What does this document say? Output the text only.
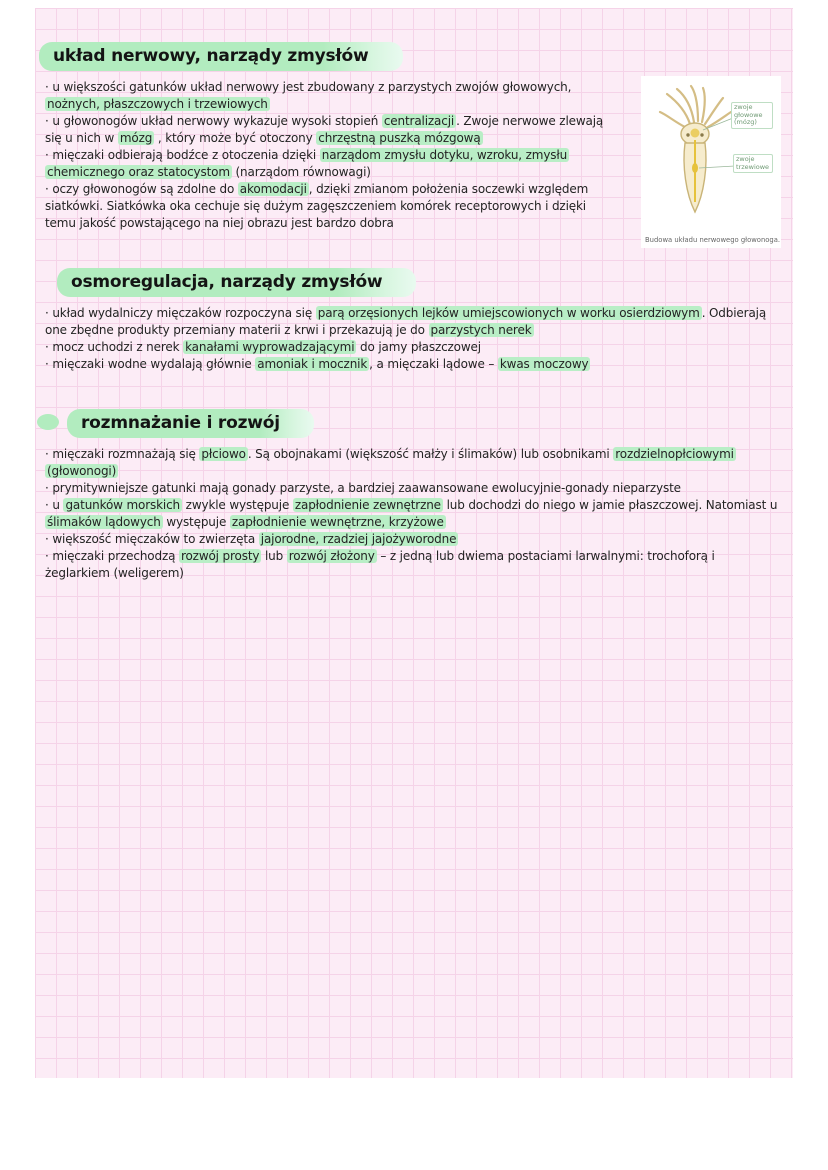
układ nerwowy, narządy zmysłów

· u większości gatunków układ nerwowy jest zbudowany z parzystych zwojów głowowych, nożnych, płaszczowych i trzewiowych

· u głowonogów układ nerwowy wykazuje wysoki stopień centralizacji . Zwoje nerwowe zlewają się u nich w mózg , który może być otoczony chrzęstną puszką mózgową

· mięczaki odbierają bodźce z otoczenia dzięki narządom zmysłu dotyku, wzroku, zmysłu chemicznego oraz statocystom (narządom równowagi)

· oczy głowonogów są zdolne do akomodacji , dzięki zmianom położenia soczewki względem siatkówki. Siatkówka oka cechuje się dużym zagęszczeniem komórek receptorowych i dzięki temu jakość powstającego na niej obrazu jest bardzo dobra

osmoregulacja, narządy zmysłów

· układ wydalniczy mięczaków rozpoczyna się parą orzęsionych lejków umiejscowionych w worku osierdziowym . Odbierają one zbędne produkty przemiany materii z krwi i przekazują je do parzystych nerek

· mocz uchodzi z nerek kanałami wyprowadzającymi do jamy płaszczowej

· mięczaki wodne wydalają głównie amoniak i mocznik , a mięczaki lądowe – kwas moczowy

rozmnażanie i rozwój

· mięczaki rozmnażają się płciowo . Są obojnakami (większość małży i ślimaków) lub osobnikami rozdzielnopłciowymi (głowonogi)

· prymitywniejsze gatunki mają gonady parzyste, a bardziej zaawansowane ewolucyjnie-gonady nieparzyste

· u gatunków morskich zwykle występuje zapłodnienie zewnętrzne lub dochodzi do niego w jamie płaszczowej. Natomiast u ślimaków lądowych występuje zapłodnienie wewnętrzne, krzyżowe

· większość mięczaków to zwierzęta jajorodne, rzadziej jajożyworodne

· mięczaki przechodzą rozwój prosty lub rozwój złożony – z jedną lub dwiema postaciami larwalnymi: trochoforą i żeglarkiem (weligerem)

zwoje głowowe (mózg)
zwoje trzewiowe
Budowa układu nerwowego głowonoga.
